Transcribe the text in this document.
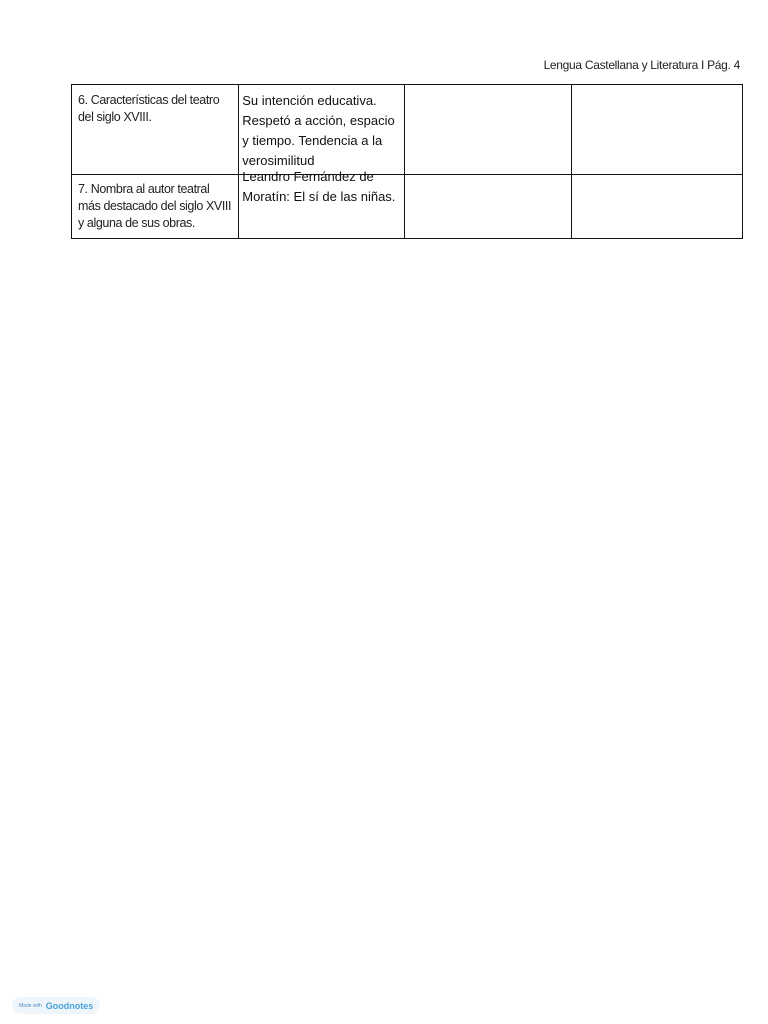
Lengua Castellana y Literatura I Pág. 4
6. Características del teatro del siglo XVIII.	Su intención educativa. Respetó a acción, espacio y tiempo. Tendencia a la verosimilitud		

7. Nombra al autor teatral más destacado del siglo XVIII y alguna de sus obras.	Leandro Fernández de Moratín: El sí de las niñas.		

Made with Goodnotes
